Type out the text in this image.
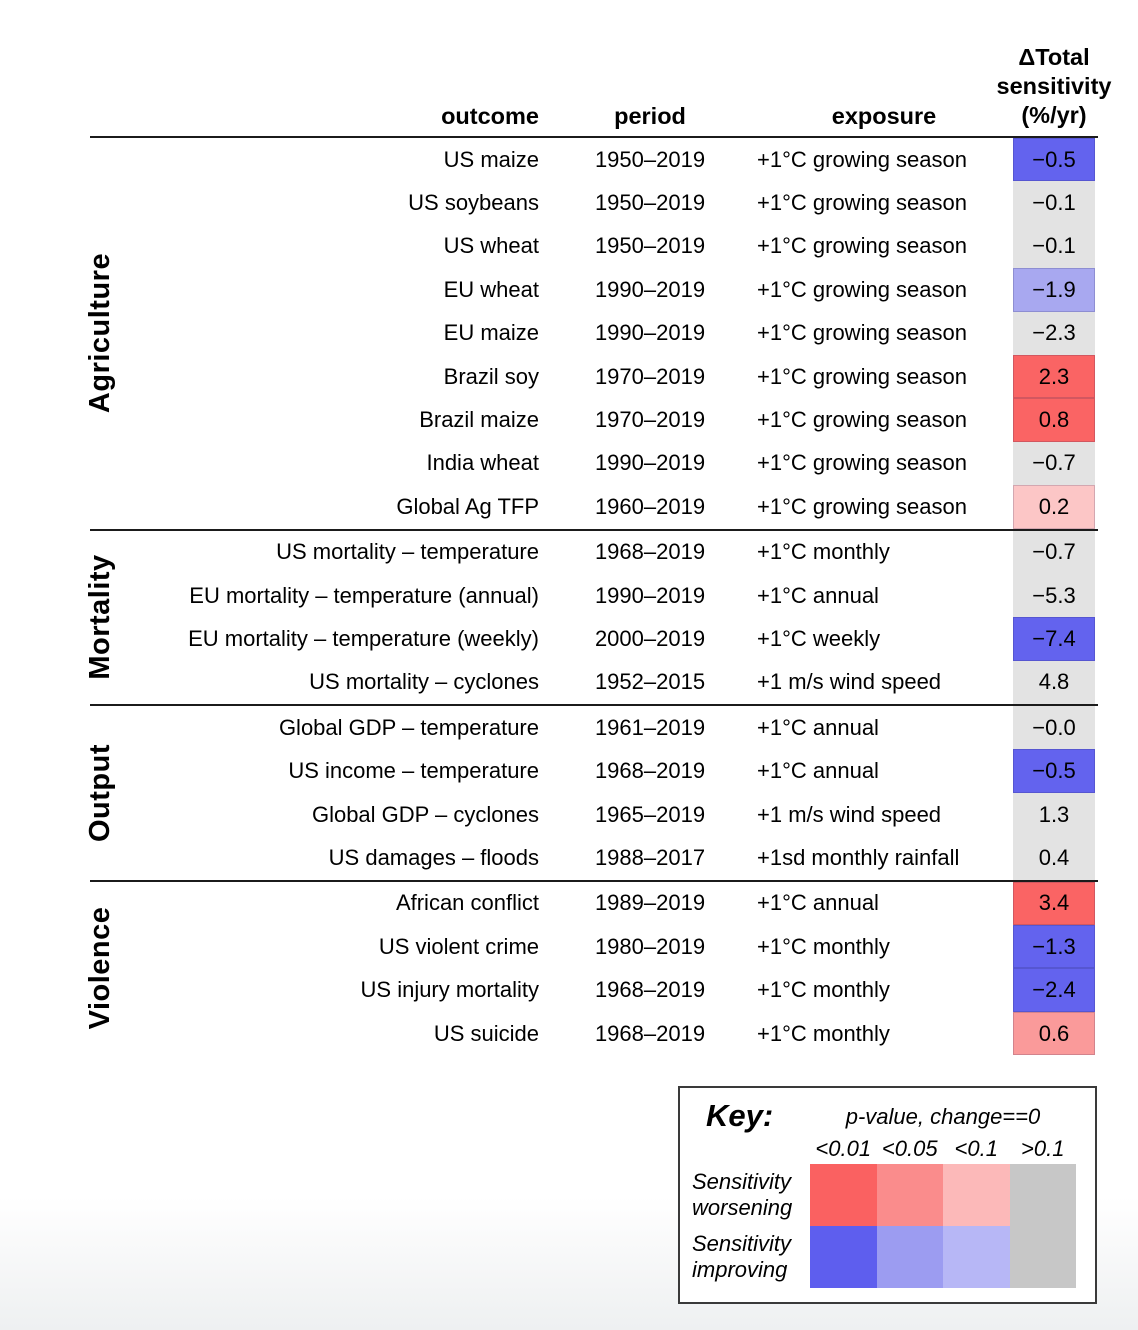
outcome	period	exposure
ΔTotal
sensitivity
(%/yr)
Agriculture
US maize	1950–2019	+1°C growing season	−0.5
US soybeans	1950–2019	+1°C growing season	−0.1
US wheat	1950–2019	+1°C growing season	−0.1
EU wheat	1990–2019	+1°C growing season	−1.9
EU maize	1990–2019	+1°C growing season	−2.3
Brazil soy	1970–2019	+1°C growing season	2.3
Brazil maize	1970–2019	+1°C growing season	0.8
India wheat	1990–2019	+1°C growing season	−0.7
Global Ag TFP	1960–2019	+1°C growing season	0.2
Mortality
US mortality – temperature	1968–2019	+1°C monthly	−0.7
EU mortality – temperature (annual)	1990–2019	+1°C annual	−5.3
EU mortality – temperature (weekly)	2000–2019	+1°C weekly	−7.4
US mortality – cyclones	1952–2015	+1 m/s wind speed	4.8
Output
Global GDP – temperature	1961–2019	+1°C annual	−0.0
US income – temperature	1968–2019	+1°C annual	−0.5
Global GDP – cyclones	1965–2019	+1 m/s wind speed	1.3
US damages – floods	1988–2017	+1sd monthly rainfall	0.4
Violence
African conflict	1989–2019	+1°C annual	3.4
US violent crime	1980–2019	+1°C monthly	−1.3
US injury mortality	1968–2019	+1°C monthly	−2.4
US suicide	1968–2019	+1°C monthly	0.6
Key:	p-value, change==0
<0.01 <0.05 <0.1	>0.1
Sensitivity
worsening
Sensitivity
improving
